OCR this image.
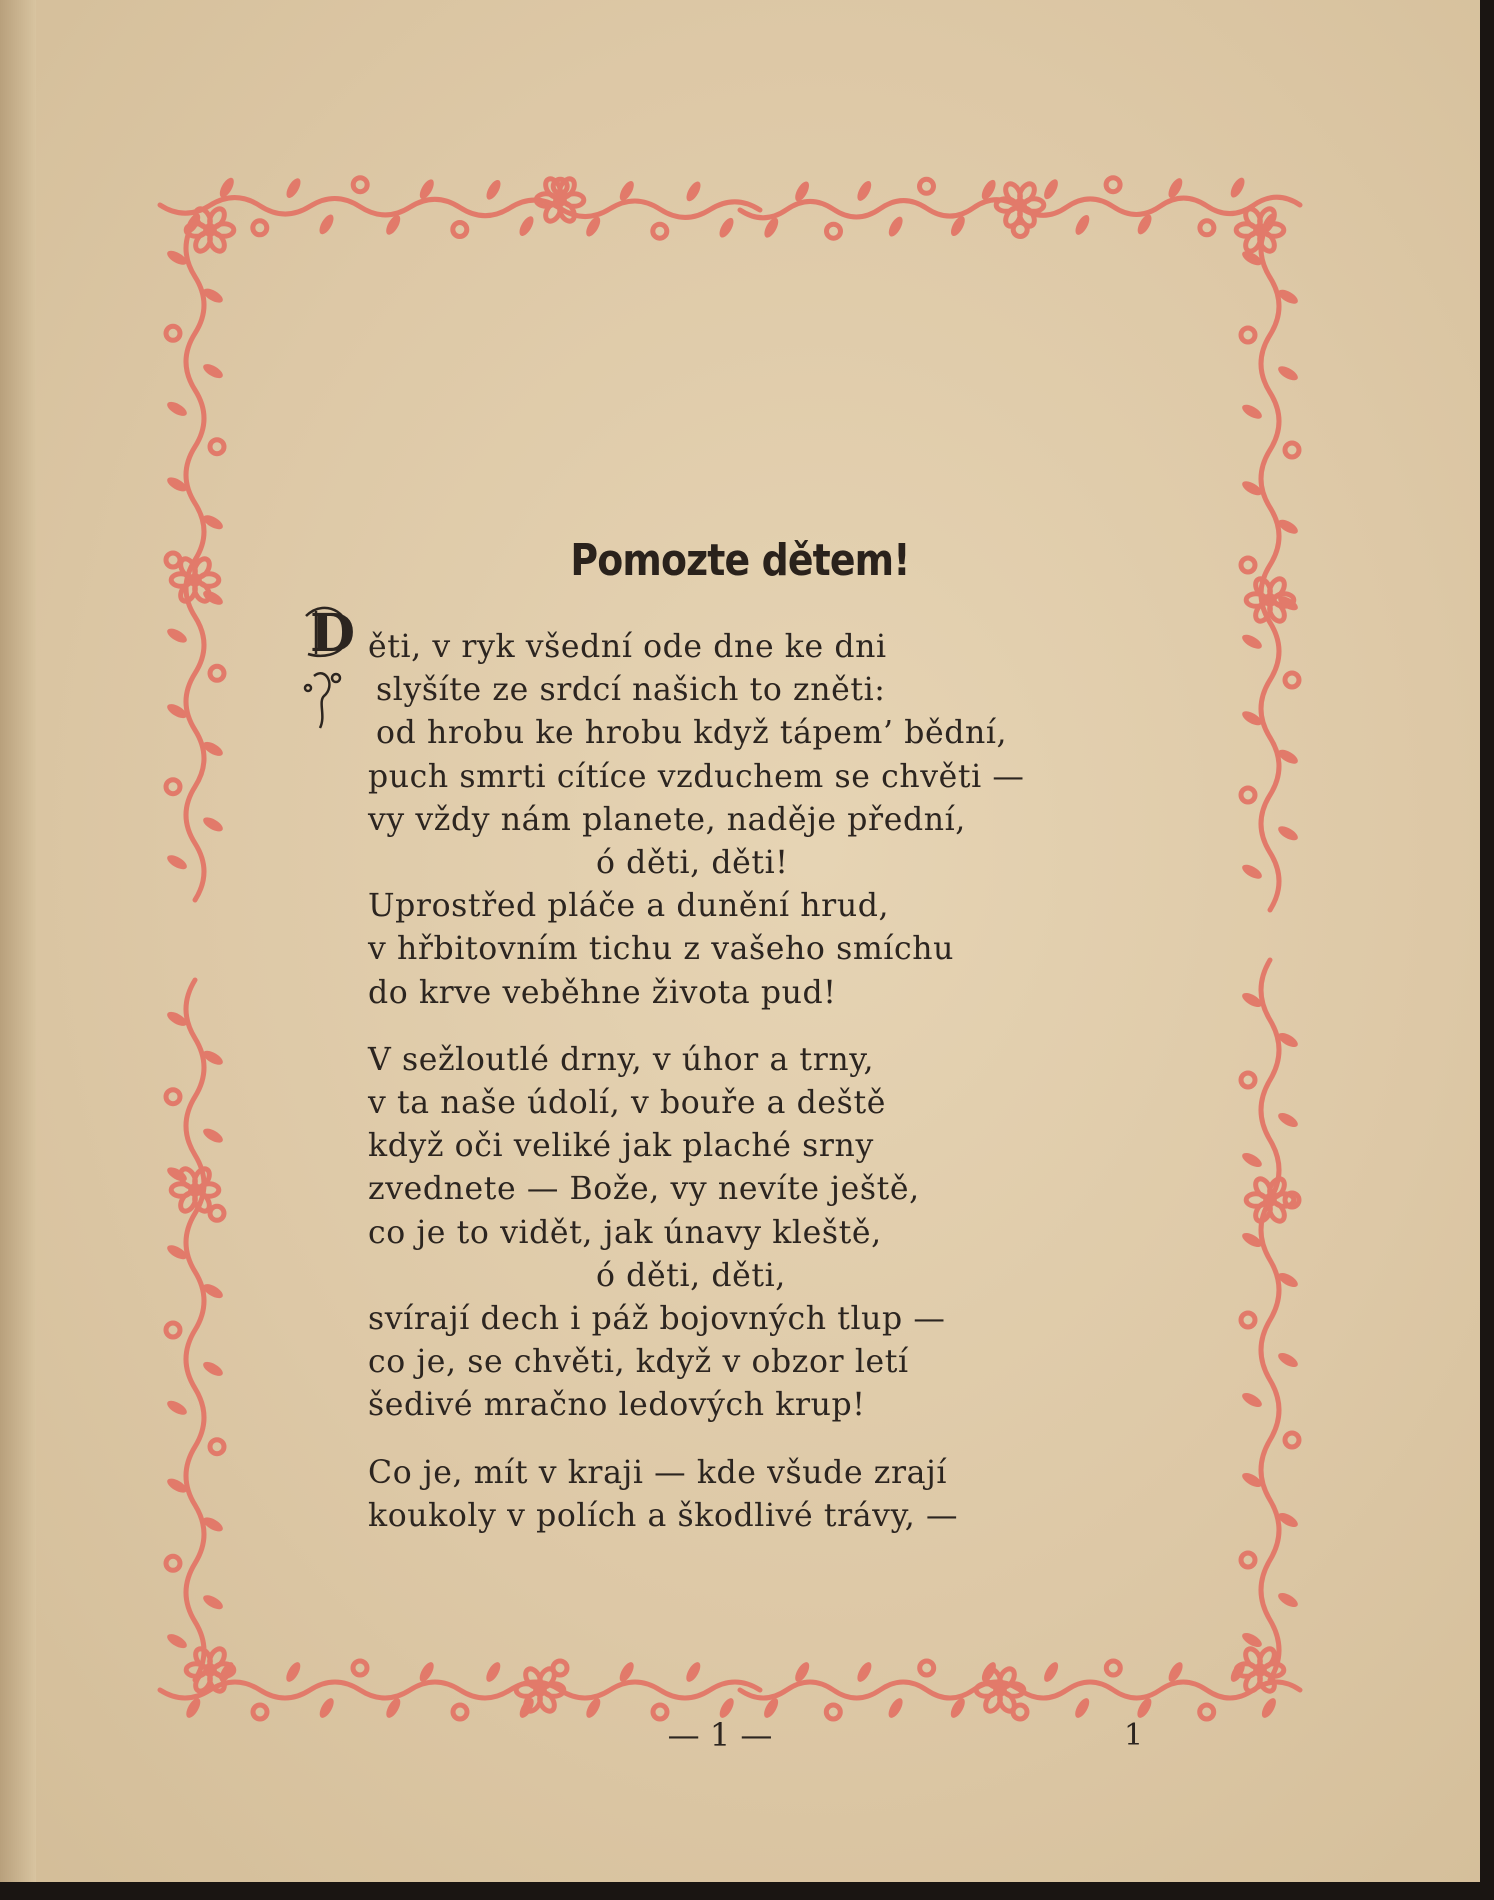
D
Pomozte dětem!
ěti, v ryk všední ode dne ke dni
slyšíte ze srdcí našich to zněti:
od hrobu ke hrobu když tápem’ bědní,
puch smrti cítíce vzduchem se chvěti —
vy vždy nám planete, naděje přední,
ó děti, děti!
Uprostřed pláče a dunění hrud,
v hřbitovním tichu z vašeho smíchu
do krve veběhne života pud!
V sežloutlé drny, v úhor a trny,
v ta naše údolí, v bouře a deště
když oči veliké jak plaché srny
zvednete — Bože, vy nevíte ještě,
co je to vidět, jak únavy kleště,
ó děti, děti,
svírají dech i páž bojovných tlup —
co je, se chvěti, když v obzor letí
šedivé mračno ledových krup!
Co je, mít v kraji — kde všude zrají
koukoly v polích a škodlivé trávy, —
— 1 —	1
